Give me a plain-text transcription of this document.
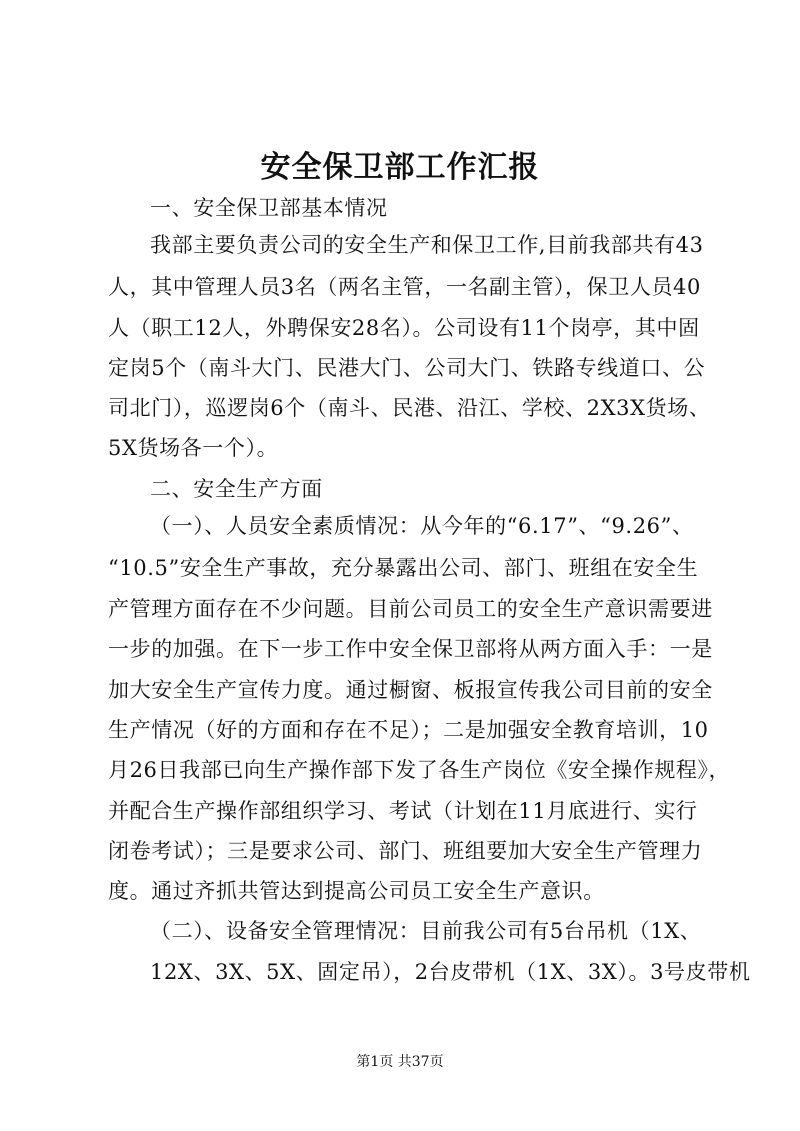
安全保卫部工作汇报
一、安全保卫部基本情况
我部主要负责公司的安全生产和保卫工作,目前我部共有43
人，其中管理人员3名（两名主管，一名副主管），保卫人员40
人（职工12人，外聘保安28名）。公司设有11个岗亭，其中固
定岗5个（南斗大门、民港大门、公司大门、铁路专线道口、公
司北门），巡逻岗6个（南斗、民港、沿江、学校、2X3X货场、
5X货场各一个）。
二、安全生产方面
（一）、人员安全素质情况：从今年的“6.17”、“9.26”、
“10.5”安全生产事故，充分暴露出公司、部门、班组在安全生
产管理方面存在不少问题。目前公司员工的安全生产意识需要进
一步的加强。在下一步工作中安全保卫部将从两方面入手：一是
加大安全生产宣传力度。通过橱窗、板报宣传我公司目前的安全
生产情况（好的方面和存在不足）；二是加强安全教育培训，10
月26日我部已向生产操作部下发了各生产岗位《安全操作规程》，
并配合生产操作部组织学习、考试（计划在11月底进行、实行
闭卷考试）；三是要求公司、部门、班组要加大安全生产管理力
度。通过齐抓共管达到提高公司员工安全生产意识。
（二）、设备安全管理情况：目前我公司有5台吊机（1X、
12X、3X、5X、固定吊），2台皮带机（1X、3X）。3号皮带机
第1页 共37页
